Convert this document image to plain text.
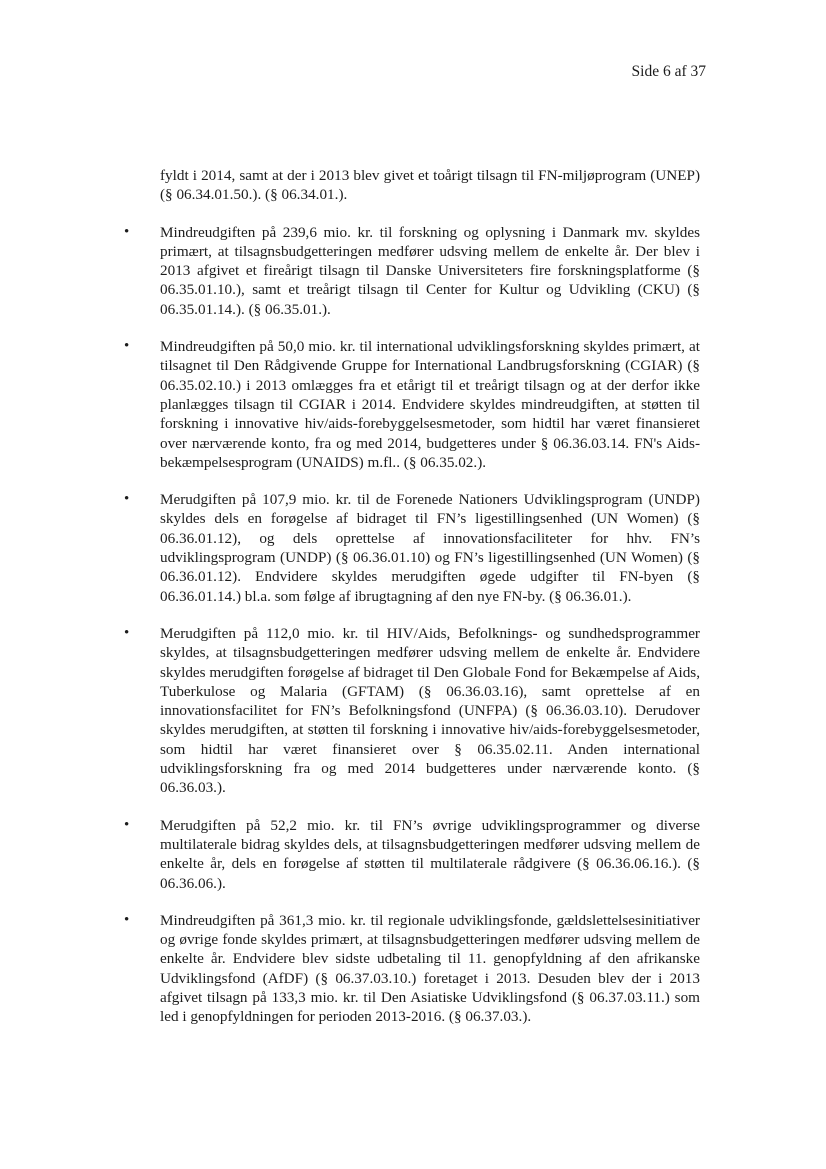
Side 6 af 37

fyldt i 2014, samt at der i 2013 blev givet et toårigt tilsagn til FN-miljøprogram (UNEP) (§ 06.34.01.50.). (§ 06.34.01.).

• Mindreudgiften på 239,6 mio. kr. til forskning og oplysning i Danmark mv. skyldes primært, at tilsagnsbudgetteringen medfører udsving mellem de enkelte år. Der blev i 2013 afgivet et fireårigt tilsagn til Danske Universiteters fire forskningsplatforme (§ 06.35.01.10.), samt et treårigt tilsagn til Center for Kultur og Udvikling (CKU) (§ 06.35.01.14.). (§ 06.35.01.).
• Mindreudgiften på 50,0 mio. kr. til international udviklingsforskning skyldes primært, at tilsagnet til Den Rådgivende Gruppe for International Landbrugsforskning (CGIAR) (§ 06.35.02.10.) i 2013 omlægges fra et etårigt til et treårigt tilsagn og at der derfor ikke planlægges tilsagn til CGIAR i 2014. Endvidere skyldes mindreudgiften, at støtten til forskning i innovative hiv/aids-forebyggelsesmetoder, som hidtil har været finansieret over nærværende konto, fra og med 2014, budgetteres under § 06.36.03.14. FN's Aids-bekæmpelsesprogram (UNAIDS) m.fl.. (§ 06.35.02.).
• Merudgiften på 107,9 mio. kr. til de Forenede Nationers Udviklingsprogram (UNDP) skyldes dels en forøgelse af bidraget til FN’s ligestillingsenhed (UN Women) (§ 06.36.01.12), og dels oprettelse af innovationsfaciliteter for hhv. FN’s udviklingsprogram (UNDP) (§ 06.36.01.10) og FN’s ligestillingsenhed (UN Women) (§ 06.36.01.12). Endvidere skyldes merudgiften øgede udgifter til FN-byen (§ 06.36.01.14.) bl.a. som følge af ibrugtagning af den nye FN-by. (§ 06.36.01.).
• Merudgiften på 112,0 mio. kr. til HIV/Aids, Befolknings- og sundhedsprogrammer skyldes, at tilsagnsbudgetteringen medfører udsving mellem de enkelte år. Endvidere skyldes merudgiften forøgelse af bidraget til Den Globale Fond for Bekæmpelse af Aids, Tuberkulose og Malaria (GFTAM) (§ 06.36.03.16), samt oprettelse af en innovationsfacilitet for FN’s Befolkningsfond (UNFPA) (§ 06.36.03.10). Derudover skyldes merudgiften, at støtten til forskning i innovative hiv/aids-forebyggelsesmetoder, som hidtil har været finansieret over § 06.35.02.11. Anden international udviklingsforskning fra og med 2014 budgetteres under nærværende konto. (§ 06.36.03.).
• Merudgiften på 52,2 mio. kr. til FN’s øvrige udviklingsprogrammer og diverse multilaterale bidrag skyldes dels, at tilsagnsbudgetteringen medfører udsving mellem de enkelte år, dels en forøgelse af støtten til multilaterale rådgivere (§ 06.36.06.16.). (§ 06.36.06.).
• Mindreudgiften på 361,3 mio. kr. til regionale udviklingsfonde, gældslettelsesinitiativer og øvrige fonde skyldes primært, at tilsagnsbudgetteringen medfører udsving mellem de enkelte år. Endvidere blev sidste udbetaling til 11. genopfyldning af den afrikanske Udviklingsfond (AfDF) (§ 06.37.03.10.) foretaget i 2013. Desuden blev der i 2013 afgivet tilsagn på 133,3 mio. kr. til Den Asiatiske Udviklingsfond (§ 06.37.03.11.) som led i genopfyldningen for perioden 2013-2016. (§ 06.37.03.).
